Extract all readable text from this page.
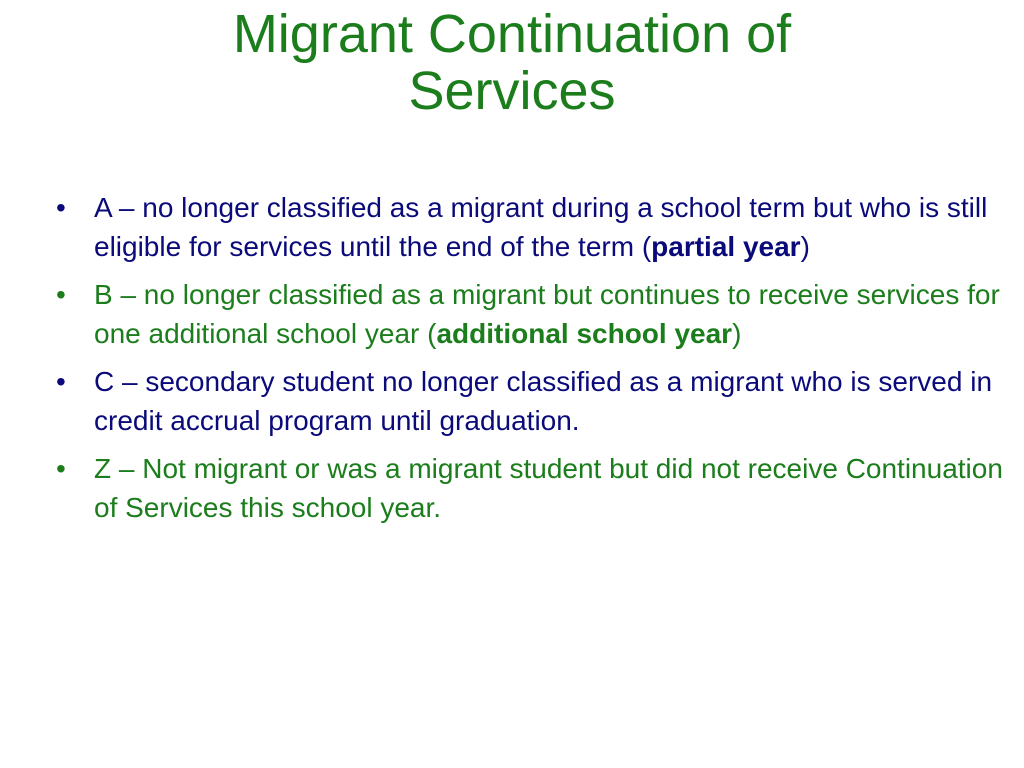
Migrant Continuation of
Services
•	A – no longer classified as a migrant during a school term but who is still eligible for services until the end of the term (partial year)
•	B – no longer classified as a migrant but continues to receive services for one additional school year (additional school year)
•	C – secondary student no longer classified as a migrant who is served in credit accrual program until graduation.
•	Z – Not migrant or was a migrant student but did not receive Continuation of Services this school year.
